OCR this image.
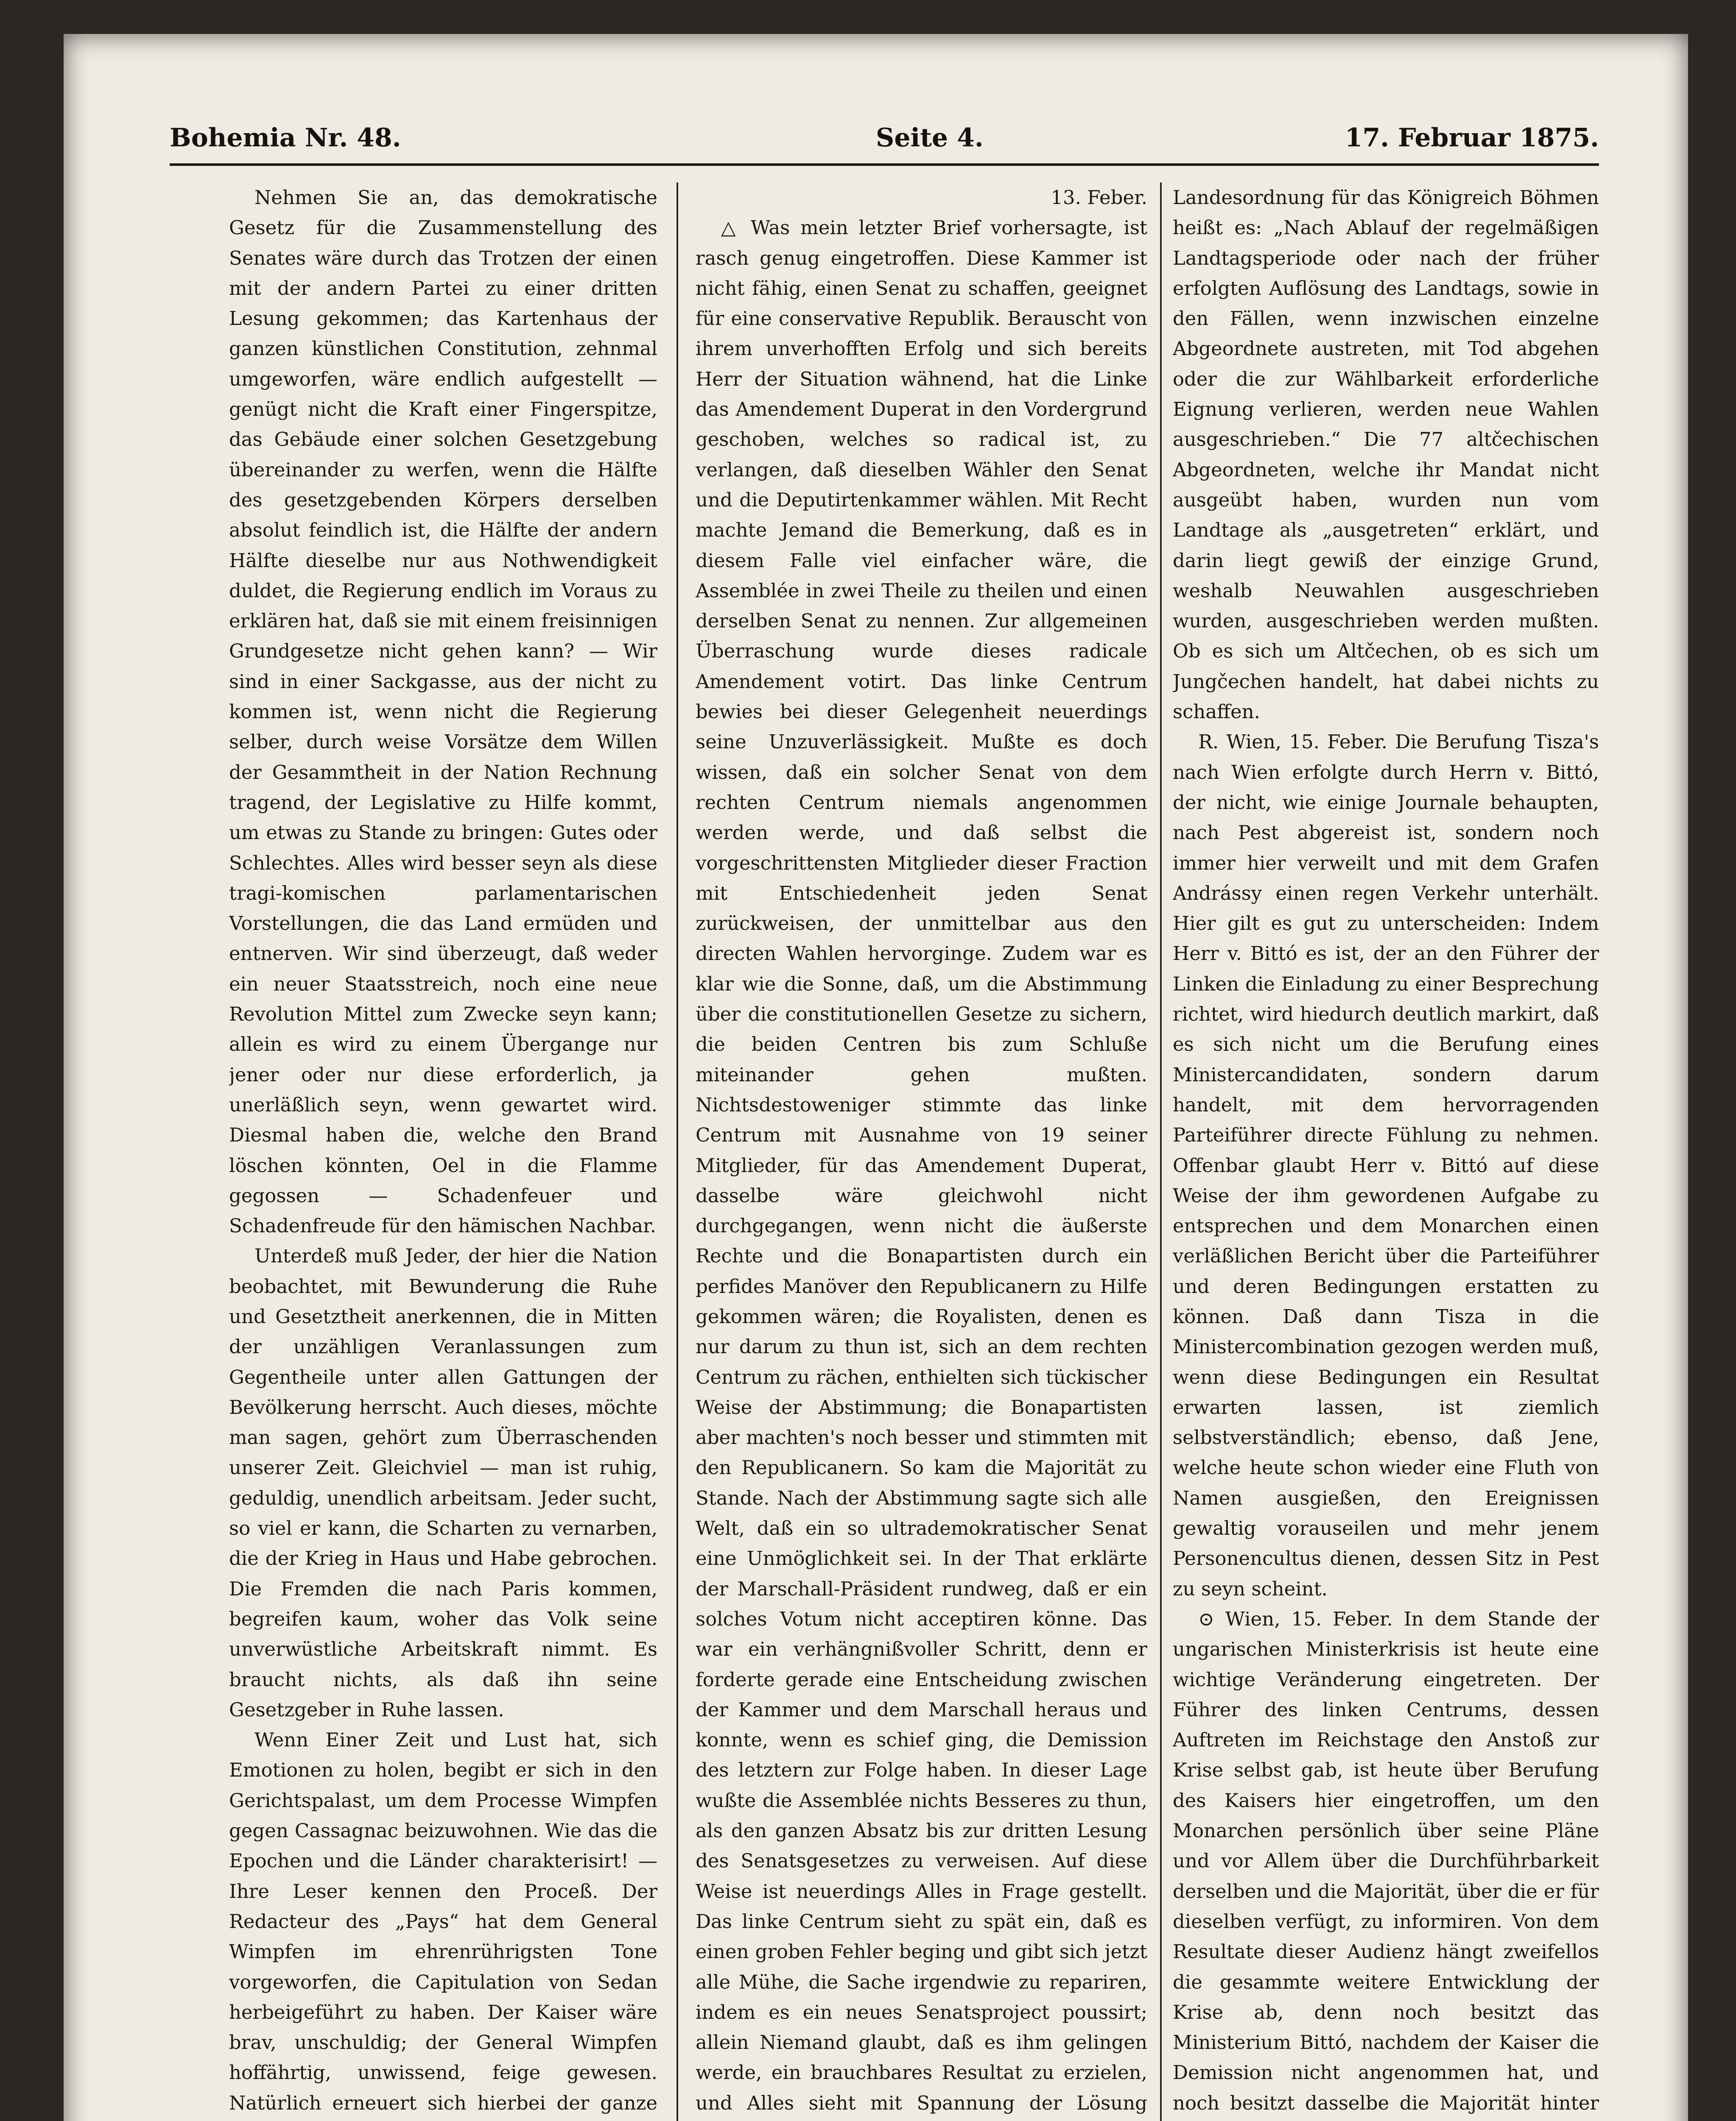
Bohemia Nr. 48.	Seite 4.	17. Februar 1875.

Nehmen Sie an, das demokratische Gesetz für die Zusammenstellung des Senates wäre durch das Trotzen der einen mit der andern Partei zu einer dritten Lesung gekommen; das Kartenhaus der ganzen künstlichen Constitution, zehnmal umgeworfen, wäre endlich aufgestellt — genügt nicht die Kraft einer Fingerspitze, das Gebäude einer solchen Gesetzgebung übereinander zu werfen, wenn die Hälfte des gesetzgebenden Körpers derselben absolut feindlich ist, die Hälfte der andern Hälfte dieselbe nur aus Nothwendigkeit duldet, die Regierung endlich im Voraus zu erklären hat, daß sie mit einem freisinnigen Grundgesetze nicht gehen kann? — Wir sind in einer Sackgasse, aus der nicht zu kommen ist, wenn nicht die Regierung selber, durch weise Vorsätze dem Willen der Gesammtheit in der Nation Rechnung tragend, der Legislative zu Hilfe kommt, um etwas zu Stande zu bringen: Gutes oder Schlechtes. Alles wird besser seyn als diese tragi-komischen parlamentarischen Vorstellungen, die das Land ermüden und entnerven. Wir sind überzeugt, daß weder ein neuer Staatsstreich, noch eine neue Revolution Mittel zum Zwecke seyn kann; allein es wird zu einem Übergange nur jener oder nur diese erforderlich, ja unerläßlich seyn, wenn gewartet wird. Diesmal haben die, welche den Brand löschen könnten, Oel in die Flamme gegossen — Schadenfeuer und Schadenfreude für den hämischen Nachbar.

Unterdeß muß Jeder, der hier die Nation beobachtet, mit Bewunderung die Ruhe und Gesetztheit anerkennen, die in Mitten der unzähligen Veranlassungen zum Gegentheile unter allen Gattungen der Bevölkerung herrscht. Auch dieses, möchte man sagen, gehört zum Überraschenden unserer Zeit. Gleichviel — man ist ruhig, geduldig, unendlich arbeitsam. Jeder sucht, so viel er kann, die Scharten zu vernarben, die der Krieg in Haus und Habe gebrochen. Die Fremden die nach Paris kommen, begreifen kaum, woher das Volk seine unverwüstliche Arbeitskraft nimmt. Es braucht nichts, als daß ihn seine Gesetzgeber in Ruhe lassen.

Wenn Einer Zeit und Lust hat, sich Emotionen zu holen, begibt er sich in den Gerichtspalast, um dem Processe Wimpfen gegen Cassagnac beizuwohnen. Wie das die Epochen und die Länder charakterisirt! — Ihre Leser kennen den Proceß. Der Redacteur des „Pays“ hat dem General Wimpfen im ehrenrührigsten Tone vorgeworfen, die Capitulation von Sedan herbeigeführt zu haben. Der Kaiser wäre brav, unschuldig; der General Wimpfen hoffährtig, unwissend, feige gewesen. Natürlich erneuert sich hierbei der ganze

13. Feber.

△ Was mein letzter Brief vorhersagte, ist rasch genug eingetroffen. Diese Kammer ist nicht fähig, einen Senat zu schaffen, geeignet für eine conservative Republik. Berauscht von ihrem unverhofften Erfolg und sich bereits Herr der Situation wähnend, hat die Linke das Amendement Duperat in den Vordergrund geschoben, welches so radical ist, zu verlangen, daß dieselben Wähler den Senat und die Deputirtenkammer wählen. Mit Recht machte Jemand die Bemerkung, daß es in diesem Falle viel einfacher wäre, die Assemblée in zwei Theile zu theilen und einen derselben Senat zu nennen. Zur allgemeinen Überraschung wurde dieses radicale Amendement votirt. Das linke Centrum bewies bei dieser Gelegenheit neuerdings seine Unzuverlässigkeit. Mußte es doch wissen, daß ein solcher Senat von dem rechten Centrum niemals angenommen werden werde, und daß selbst die vorgeschrittensten Mitglieder dieser Fraction mit Entschiedenheit jeden Senat zurückweisen, der unmittelbar aus den directen Wahlen hervorginge. Zudem war es klar wie die Sonne, daß, um die Abstimmung über die constitutionellen Gesetze zu sichern, die beiden Centren bis zum Schluße miteinander gehen mußten. Nichtsdestoweniger stimmte das linke Centrum mit Ausnahme von 19 seiner Mitglieder, für das Amendement Duperat, dasselbe wäre gleichwohl nicht durchgegangen, wenn nicht die äußerste Rechte und die Bonapartisten durch ein perfides Manöver den Republicanern zu Hilfe gekommen wären; die Royalisten, denen es nur darum zu thun ist, sich an dem rechten Centrum zu rächen, enthielten sich tückischer Weise der Abstimmung; die Bonapartisten aber machten's noch besser und stimmten mit den Republicanern. So kam die Majorität zu Stande. Nach der Abstimmung sagte sich alle Welt, daß ein so ultrademokratischer Senat eine Unmöglichkeit sei. In der That erklärte der Marschall-Präsident rundweg, daß er ein solches Votum nicht acceptiren könne. Das war ein verhängnißvoller Schritt, denn er forderte gerade eine Entscheidung zwischen der Kammer und dem Marschall heraus und konnte, wenn es schief ging, die Demission des letztern zur Folge haben. In dieser Lage wußte die Assemblée nichts Besseres zu thun, als den ganzen Absatz bis zur dritten Lesung des Senatsgesetzes zu verweisen. Auf diese Weise ist neuerdings Alles in Frage gestellt. Das linke Centrum sieht zu spät ein, daß es einen groben Fehler beging und gibt sich jetzt alle Mühe, die Sache irgendwie zu repariren, indem es ein neues Senatsproject poussirt; allein Niemand glaubt, daß es ihm gelingen werde, ein brauchbares Resultat zu erzielen, und Alles sieht mit Spannung der Lösung

Landesordnung für das Königreich Böhmen heißt es: „Nach Ablauf der regelmäßigen Landtagsperiode oder nach der früher erfolgten Auflösung des Landtags, sowie in den Fällen, wenn inzwischen einzelne Abgeordnete austreten, mit Tod abgehen oder die zur Wählbarkeit erforderliche Eignung verlieren, werden neue Wahlen ausgeschrieben.“ Die 77 altčechischen Abgeordneten, welche ihr Mandat nicht ausgeübt haben, wurden nun vom Landtage als „ausgetreten“ erklärt, und darin liegt gewiß der einzige Grund, weshalb Neuwahlen ausgeschrieben wurden, ausgeschrieben werden mußten. Ob es sich um Altčechen, ob es sich um Jungčechen handelt, hat dabei nichts zu schaffen.

R. Wien, 15. Feber. Die Berufung Tisza's nach Wien erfolgte durch Herrn v. Bittó, der nicht, wie einige Journale behaupten, nach Pest abgereist ist, sondern noch immer hier verweilt und mit dem Grafen Andrássy einen regen Verkehr unterhält. Hier gilt es gut zu unterscheiden: Indem Herr v. Bittó es ist, der an den Führer der Linken die Einladung zu einer Besprechung richtet, wird hiedurch deutlich markirt, daß es sich nicht um die Berufung eines Ministercandidaten, sondern darum handelt, mit dem hervorragenden Parteiführer directe Fühlung zu nehmen. Offenbar glaubt Herr v. Bittó auf diese Weise der ihm gewordenen Aufgabe zu entsprechen und dem Monarchen einen verläßlichen Bericht über die Parteiführer und deren Bedingungen erstatten zu können. Daß dann Tisza in die Ministercombination gezogen werden muß, wenn diese Bedingungen ein Resultat erwarten lassen, ist ziemlich selbstverständlich; ebenso, daß Jene, welche heute schon wieder eine Fluth von Namen ausgießen, den Ereignissen gewaltig vorauseilen und mehr jenem Personencultus dienen, dessen Sitz in Pest zu seyn scheint.

⊙ Wien, 15. Feber. In dem Stande der ungarischen Ministerkrisis ist heute eine wichtige Veränderung eingetreten. Der Führer des linken Centrums, dessen Auftreten im Reichstage den Anstoß zur Krise selbst gab, ist heute über Berufung des Kaisers hier eingetroffen, um den Monarchen persönlich über seine Pläne und vor Allem über die Durchführbarkeit derselben und die Majorität, über die er für dieselben verfügt, zu informiren. Von dem Resultate dieser Audienz hängt zweifellos die gesammte weitere Entwicklung der Krise ab, denn noch besitzt das Ministerium Bittó, nachdem der Kaiser die Demission nicht angenommen hat, und noch besitzt dasselbe die Majorität hinter
